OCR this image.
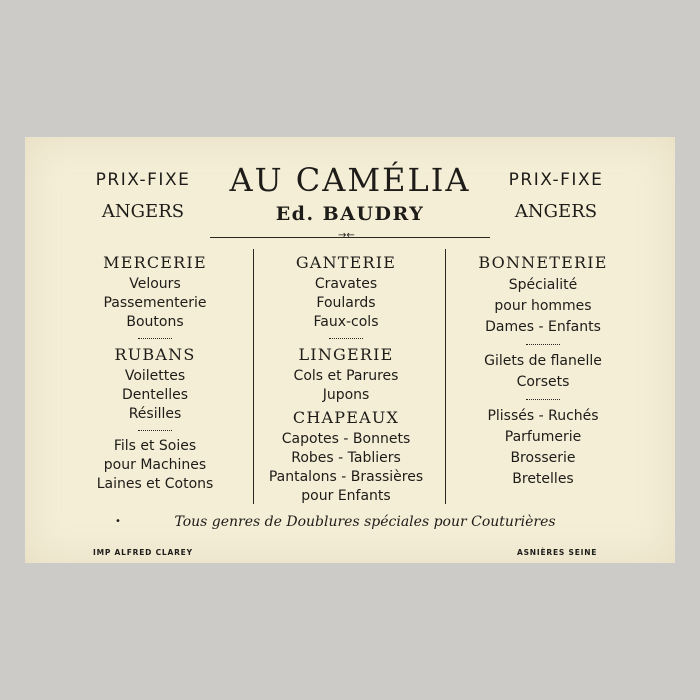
PRIX-FIXE
ANGERS
AU CAMÉLIA
Ed. BAUDRY
PRIX-FIXE
ANGERS
→←
MERCERIE
Velours
Passementerie
Boutons
RUBANS
Voilettes
Dentelles
Résilles
Fils et Soies
pour Machines
Laines et Cotons
GANTERIE
Cravates
Foulards
Faux-cols
LINGERIE
Cols et Parures
Jupons
CHAPEAUX
Capotes - Bonnets
Robes - Tabliers
Pantalons - Brassières
pour Enfants
BONNETERIE
Spécialité
pour hommes
Dames - Enfants
Gilets de flanelle
Corsets
Plissés - Ruchés
Parfumerie
Brosserie
Bretelles
•	Tous genres de Doublures spéciales pour Couturières
IMP ALFRED CLAREY	ASNIÈRES SEINE
